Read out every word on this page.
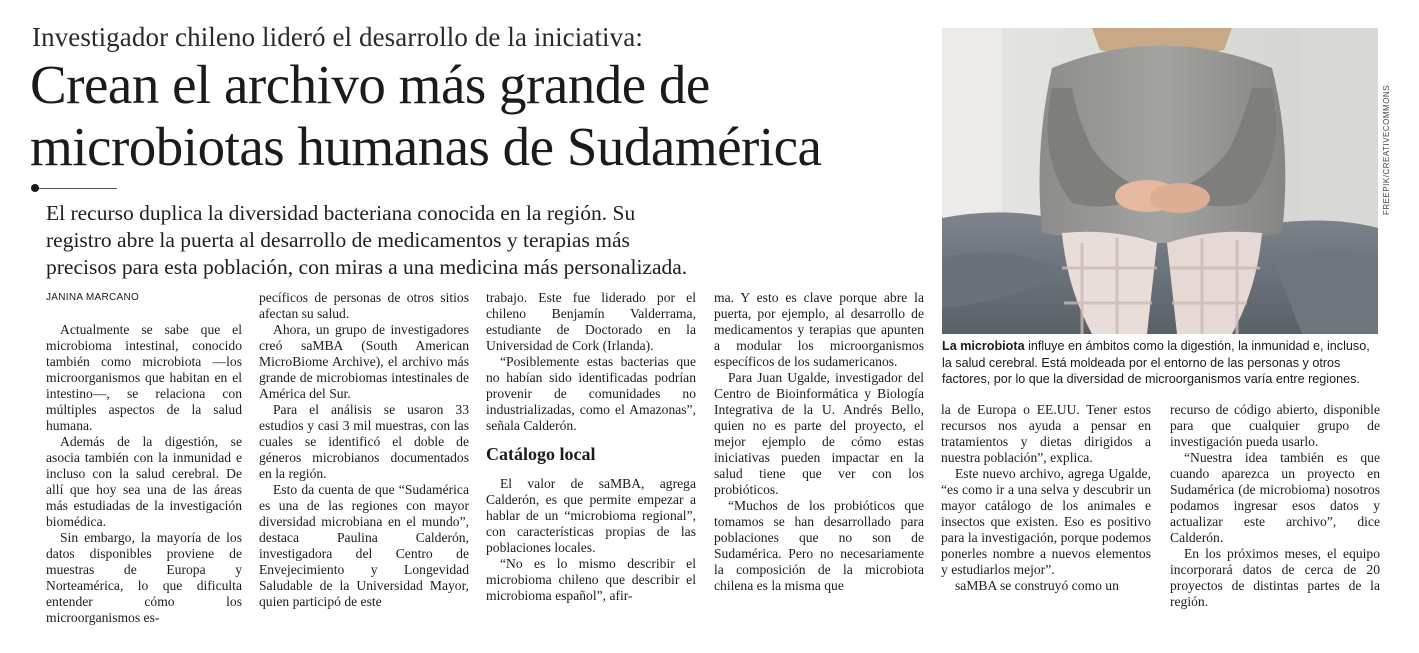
Investigador chileno lideró el desarrollo de la iniciativa:
Crean el archivo más grande de
microbiotas humanas de Sudamérica

El recurso duplica la diversidad bacteriana conocida en la región. Su

registro abre la puerta al desarrollo de medicamentos y terapias más

precisos para esta población, con miras a una medicina más personalizada.

JANINA MARCANO

Actualmente se sabe que el microbioma intestinal, conocido también como microbiota —los microorganismos que habitan en el intestino—, se relaciona con múltiples aspectos de la salud humana.

Además de la digestión, se asocia también con la inmunidad e incluso con la salud cerebral. De allí que hoy sea una de las áreas más estudiadas de la investigación biomédica.

Sin embargo, la mayoría de los datos disponibles proviene de muestras de Europa y Norteamérica, lo que dificulta entender cómo los microorganismos es-

pecíficos de personas de otros sitios afectan su salud.

Ahora, un grupo de investigadores creó saMBA (South American MicroBiome Archive), el archivo más grande de microbiomas intestinales de América del Sur.

Para el análisis se usaron 33 estudios y casi 3 mil muestras, con las cuales se identificó el doble de géneros microbianos documentados en la región.

Esto da cuenta de que “Sudamérica es una de las regiones con mayor diversidad microbiana en el mundo”, destaca Paulina Calderón, investigadora del Centro de Envejecimiento y Longevidad Saludable de la Universidad Mayor, quien participó de este

trabajo. Este fue liderado por el chileno Benjamín Valderrama, estudiante de Doctorado en la Universidad de Cork (Irlanda).

“Posiblemente estas bacterias que no habían sido identificadas podrían provenir de comunidades no industrializadas, como el Amazonas”, señala Calderón.

Catálogo local

El valor de saMBA, agrega Calderón, es que permite empezar a hablar de un “microbioma regional”, con características propias de las poblaciones locales.

“No es lo mismo describir el microbioma chileno que describir el microbioma español”, afir-

ma. Y esto es clave porque abre la puerta, por ejemplo, al desarrollo de medicamentos y terapias que apunten a modular los microorganismos específicos de los sudamericanos.

Para Juan Ugalde, investigador del Centro de Bioinformática y Biología Integrativa de la U. Andrés Bello, quien no es parte del proyecto, el mejor ejemplo de cómo estas iniciativas pueden impactar en la salud tiene que ver con los probióticos.

“Muchos de los probióticos que tomamos se han desarrollado para poblaciones que no son de Sudamérica. Pero no necesariamente la composición de la microbiota chilena es la misma que

la de Europa o EE.UU. Tener estos recursos nos ayuda a pensar en tratamientos y dietas dirigidos a nuestra población”, explica.

Este nuevo archivo, agrega Ugalde, “es como ir a una selva y descubrir un mayor catálogo de los animales e insectos que existen. Eso es positivo para la investigación, porque podemos ponerles nombre a nuevos elementos y estudiarlos mejor”.

saMBA se construyó como un

recurso de código abierto, disponible para que cualquier grupo de investigación pueda usarlo.

“Nuestra idea también es que cuando aparezca un proyecto en Sudamérica (de microbioma) nosotros podamos ingresar esos datos y actualizar este archivo”, dice Calderón.

En los próximos meses, el equipo incorporará datos de cerca de 20 proyectos de distintas partes de la región.

FREEPIK/CREATIVECOMMONS
La microbiota influye en ámbitos como la digestión, la inmunidad e, incluso, la salud cerebral. Está moldeada por el entorno de las personas y otros factores, por lo que la diversidad de microorganismos varía entre regiones.
